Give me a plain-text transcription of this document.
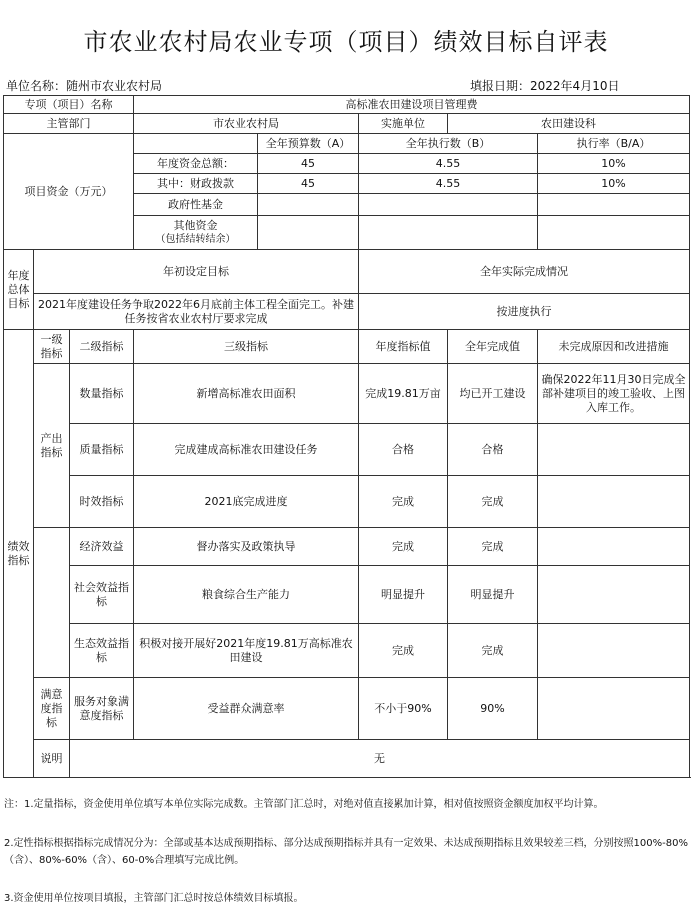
市农业农村局农业专项（项目）绩效目标自评表
单位名称：随州市农业农村局	填报日期：2022年4月10日
专项（项目）名称			高标准农田建设项目管理费				
主管部门			市农业农村局		实施单位	农田建设科	
项目资金（万元）				全年预算数（A）	全年执行数（B）		执行率（B/A）
			年度资金总额：	45	4.55		10%
			其中：财政拨款	45	4.55		10%
			政府性基金				

			其他资金
（包括结转结余）				

年度总体目标	年初设定目标				全年实际完成情况		
	2021年度建设任务争取2022年6月底前主体工程全面完工。补建任务按省农业农村厅要求完成				按进度执行		
绩效指标	一级指标	二级指标	三级指标		年度指标值	全年完成值	未完成原因和改进措施
	产出指标	数量指标	新增高标准农田面积		完成19.81万亩	均已开工建设	确保2022年11月30日完成全部补建项目的竣工验收、上图入库工作。
		质量指标	完成建成高标准农田建设任务		合格	合格	
		时效指标	2021底完成进度		完成	完成	
		经济效益	督办落实及政策执导		完成	完成	
		社会效益指标	粮食综合生产能力		明显提升	明显提升	
		生态效益指标	积极对接开展好2021年度19.81万高标准农田建设		完成	完成	
	满意度指标	服务对象满意度指标	受益群众满意率		不小于90%	90%	
	说明	无					
注：1.定量指标，资金使用单位填写本单位实际完成数。主管部门汇总时，对绝对值直接累加计算，相对值按照资金额度加权平均计算。
2.定性指标根据指标完成情况分为：全部或基本达成预期指标、部分达成预期指标并具有一定效果、未达成预期指标且效果较差三档，分别按照100%-80%（含）、80%-60%（含）、60-0%合理填写完成比例。
3.资金使用单位按项目填报，主管部门汇总时按总体绩效目标填报。
